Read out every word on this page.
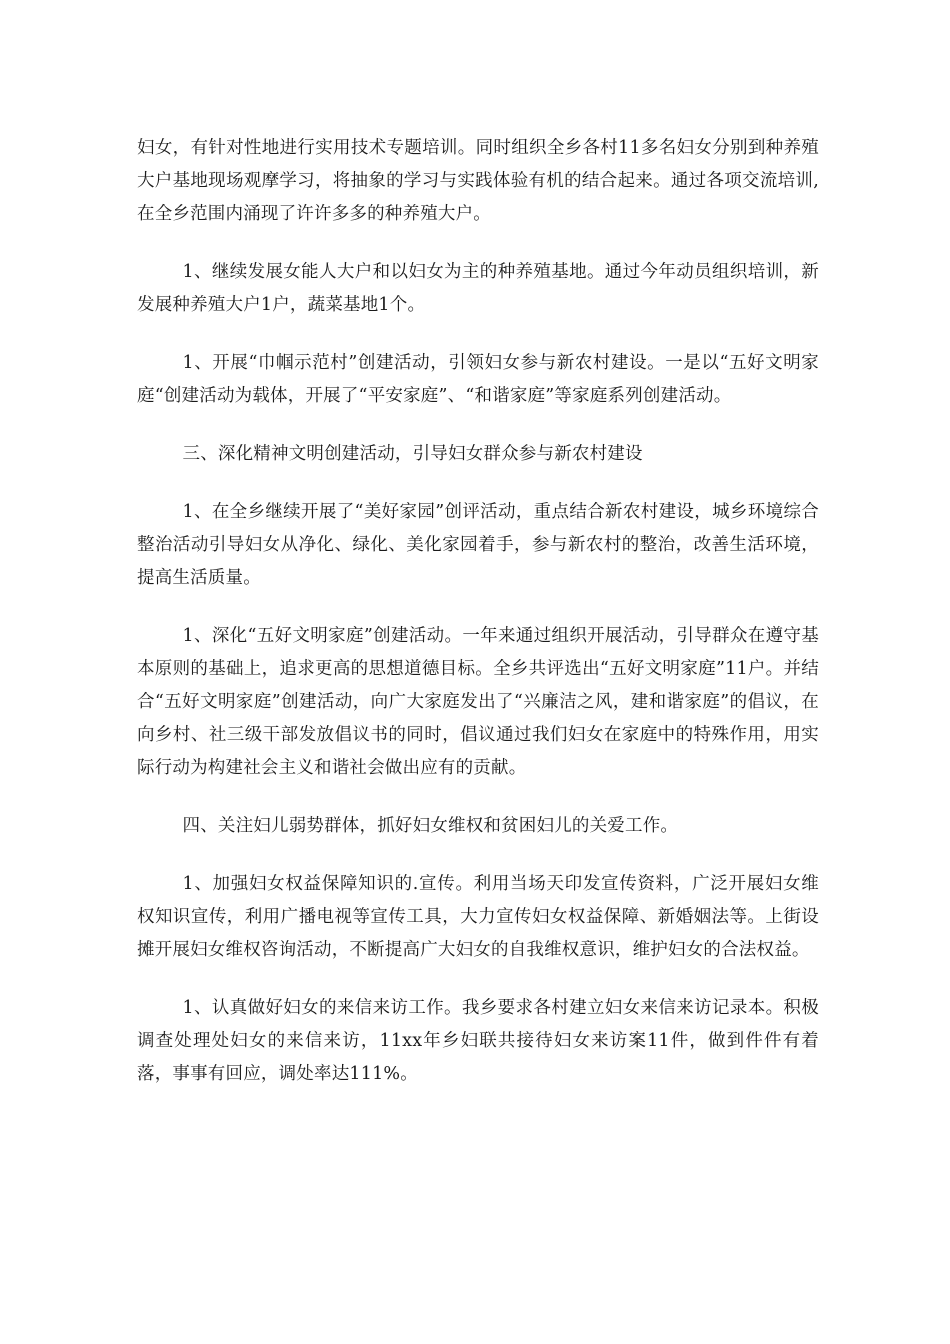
妇女，有针对性地进行实用技术专题培训。同时组织全乡各村11多名妇女分别到种养殖大户基地现场观摩学习，将抽象的学习与实践体验有机的结合起来。通过各项交流培训,在全乡范围内涌现了许许多多的种养殖大户。

1、继续发展女能人大户和以妇女为主的种养殖基地。通过今年动员组织培训，新发展种养殖大户1户，蔬菜基地1个。

1、开展“巾帼示范村”创建活动，引领妇女参与新农村建设。一是以“五好文明家庭“创建活动为载体，开展了“平安家庭”、“和谐家庭”等家庭系列创建活动。

三、深化精神文明创建活动，引导妇女群众参与新农村建设

1、在全乡继续开展了“美好家园”创评活动，重点结合新农村建设，城乡环境综合整治活动引导妇女从净化、绿化、美化家园着手，参与新农村的整治，改善生活环境，提高生活质量。

1、深化“五好文明家庭”创建活动。一年来通过组织开展活动，引导群众在遵守基本原则的基础上，追求更高的思想道德目标。全乡共评选出“五好文明家庭”11户。并结合“五好文明家庭”创建活动，向广大家庭发出了“兴廉洁之风，建和谐家庭”的倡议，在向乡村、社三级干部发放倡议书的同时，倡议通过我们妇女在家庭中的特殊作用，用实际行动为构建社会主义和谐社会做出应有的贡献。

四、关注妇儿弱势群体，抓好妇女维权和贫困妇儿的关爱工作。

1、加强妇女权益保障知识的.宣传。利用当场天印发宣传资料，广泛开展妇女维权知识宣传，利用广播电视等宣传工具，大力宣传妇女权益保障、新婚姻法等。上街设摊开展妇女维权咨询活动，不断提高广大妇女的自我维权意识，维护妇女的合法权益。

1、认真做好妇女的来信来访工作。我乡要求各村建立妇女来信来访记录本。积极调查处理处妇女的来信来访，11xx年乡妇联共接待妇女来访案11件，做到件件有着落，事事有回应，调处率达111%。
